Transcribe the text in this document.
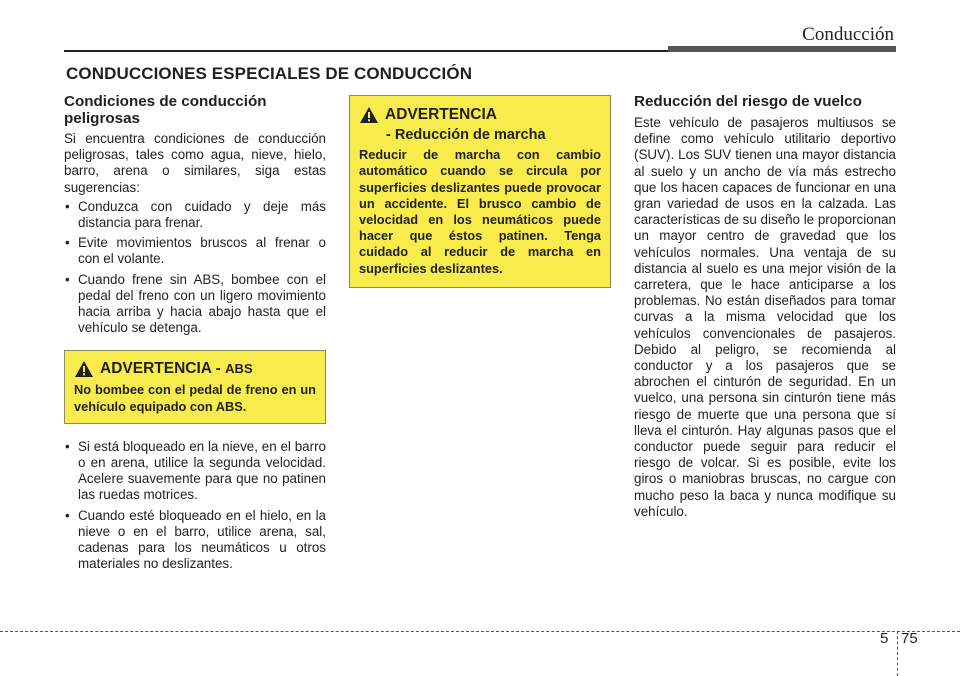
Conducción
CONDUCCIONES ESPECIALES DE CONDUCCIÓN
Condiciones de conducción
peligrosas

Si encuentra condiciones de conducción peligrosas, tales como agua, nieve, hielo, barro, arena o similares, siga estas sugerencias:

• Conduzca con cuidado y deje más distancia para frenar.
• Evite movimientos bruscos al frenar o con el volante.
• Cuando frene sin ABS, bombee con el pedal del freno con un ligero movimiento hacia arriba y hacia abajo hasta que el vehículo se detenga.
ADVERTENCIA - ABS

No bombee con el pedal de freno en un vehículo equipado con ABS.

• Si está bloqueado en la nieve, en el barro o en arena, utilice la segunda velocidad. Acelere suavemente para que no patinen las ruedas motrices.
• Cuando esté bloqueado en el hielo, en la nieve o en el barro, utilice arena, sal, cadenas para los neumáticos u otros materiales no deslizantes.
ADVERTENCIA
- Reducción de marcha

Reducir de marcha con cambio automático cuando se circula por superficies deslizantes puede provocar un accidente. El brusco cambio de velocidad en los neumáticos puede hacer que éstos patinen. Tenga cuidado al reducir de marcha en superficies deslizantes.

Reducción del riesgo de vuelco

Este vehículo de pasajeros multiusos se define como vehículo utilitario deportivo (SUV). Los SUV tienen una mayor distancia al suelo y un ancho de vía más estrecho que los hacen capaces de funcionar en una gran variedad de usos en la calzada. Las características de su diseño le proporcionan un mayor centro de gravedad que los vehículos normales. Una ventaja de su distancia al suelo es una mejor visión de la carretera, que le hace anticiparse a los problemas. No están diseñados para tomar curvas a la misma velocidad que los vehículos convencionales de pasajeros. Debido al peligro, se recomienda al conductor y a los pasajeros que se abrochen el cinturón de seguridad. En un vuelco, una persona sin cinturón tiene más riesgo de muerte que una persona que sí lleva el cinturón. Hay algunas pasos que el conductor puede seguir para reducir el riesgo de volcar. Si es posible, evite los giros o maniobras bruscas, no cargue con mucho peso la baca y nunca modifique su vehículo.

5 75
